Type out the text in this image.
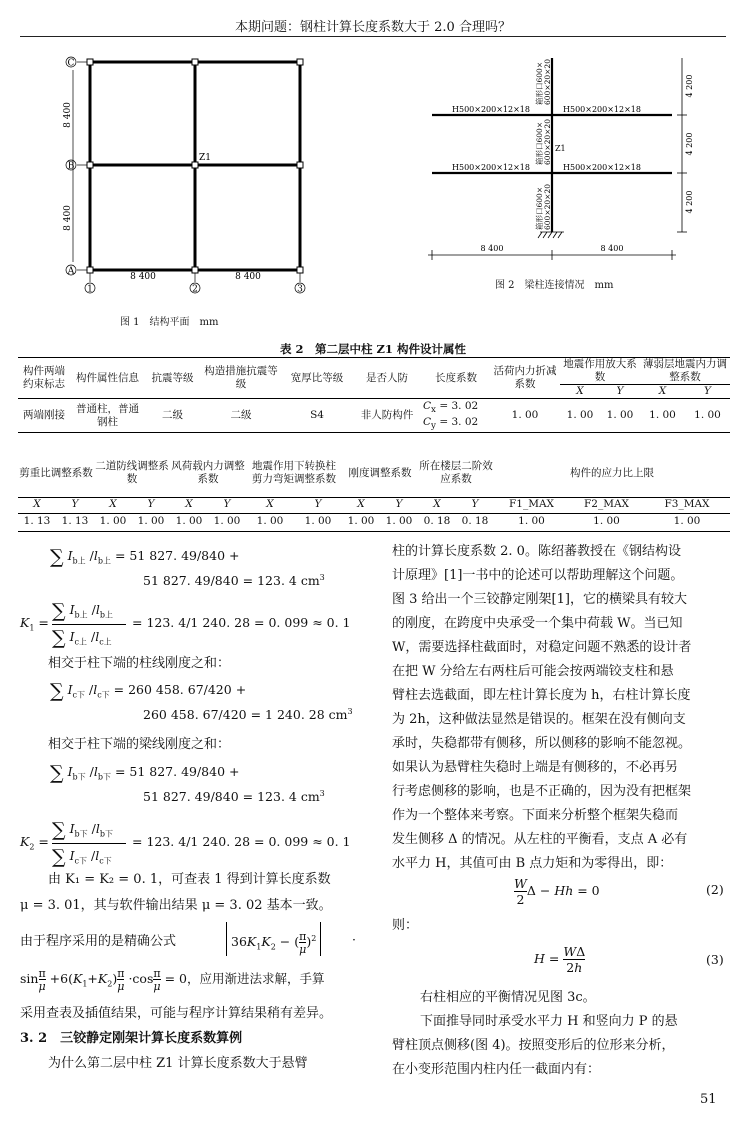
本期问题：钢柱计算长度系数大于 2.0 合理吗？
C
B
A
1	2	3
8 400
8 400
8 400	8 400
Z1
图 1　结构平面　mm
H500×200×12×18	H500×200×12×18
H500×200×12×18	H500×200×12×18
箱形口600× 600×20×20
箱形口600× 600×20×20
箱形口600× 600×20×20
Z1
4 200
4 200
4 200
8 400	8 400
图 2　梁柱连接情况　mm
表 2　第二层中柱 Z1 构件设计属性
构件两端约束标志	构件属性信息	抗震等级	构造措施抗震等级	宽厚比等级	是否人防	长度系数	活荷内力折减系数	地震作用放大系数		薄弱层地震内力调整系数	
								X	Y	X	Y
两端刚接	普通柱，普通钢柱	二级	二级	S4	非人防构件	$C_x = 3$. 02
$C_y = 3$. 02	1. 00	1. 00	1. 00	1. 00	1. 00
剪重比调整系数		二道防线调整系数		风荷载内力调整系数		地震作用下转换柱剪力弯矩调整系数		刚度调整系数		所在楼层二阶效应系数		构件的应力比上限		
X	Y	X	Y	X	Y	X	Y	X	Y	X	Y	F1_MAX	F2_MAX	F3_MAX
1. 13	1. 13	1. 00	1. 00	1. 00	1. 00	1. 00	1. 00	1. 00	1. 00	0. 18	0. 18	1. 00	1. 00	1. 00
∑ $I_{b上}$ $/l_{b上} = 51$ 827. 49/840 +
51 827. 49/840 = 123. 4 $cm^3$
$K_1$ =
∑ $I_{b上}$ $/l_{b上}$
∑ $I_{c上}$ $/l_{c上}$
= 123. 4/1 240. 28 = 0. 099 ≈ 0. 1
相交于柱下端的柱线刚度之和：
∑ $I_{c下}$ $/l_{c下} = 260$ 458. 67/420 +
260 458. 67/420 = 1 240. 28 $cm^3$
相交于柱下端的梁线刚度之和：
∑ $I_{b下}$ $/l_{b下} = 51$ 827. 49/840 +
51 827. 49/840 = 123. 4 $cm^3$
$K_2$ =
∑ $I_{b下}$ $/l_{b下}$
∑ $I_{c下}$ $/l_{c下}$
= 123. 4/1 240. 28 = 0. 099 ≈ 0. 1
由 K₁ = K₂ = 0. 1，可查表 1 得到计算长度系数
μ = 3. 01，其与软件输出结果 μ = 3. 02 基本一致。
由于程序采用的是精确公式	$36K_1K_2 - (\frac{\pi}{\mu})^2$	·
$\sin\frac{\pi}{\mu} +6(K_1+K_2)\frac{\pi}{\mu} \cdot\cos\frac{\pi}{\mu} = 0$，应用渐进法求解，手算
采用查表及插值结果，可能与程序计算结果稍有差异。
3. 2　三铰静定刚架计算长度系数算例
为什么第二层中柱 Z1 计算长度系数大于悬臂
柱的计算长度系数 2. 0。陈绍蕃教授在《钢结构设
计原理》[1]一书中的论述可以帮助理解这个问题。
图 3 给出一个三铰静定刚架[1]，它的横梁具有较大
的刚度，在跨度中央承受一个集中荷载 W。当已知
W，需要选择柱截面时，对稳定问题不熟悉的设计者
在把 W 分给左右两柱后可能会按两端铰支柱和悬
臂柱去选截面，即左柱计算长度为 h，右柱计算长度
为 2h，这种做法显然是错误的。框架在没有侧向支
承时，失稳都带有侧移，所以侧移的影响不能忽视。
如果认为悬臂柱失稳时上端是有侧移的，不必再另
行考虑侧移的影响，也是不正确的，因为没有把框架
作为一个整体来考察。下面来分析整个框架失稳而
发生侧移 Δ 的情况。从左柱的平衡看，支点 A 必有
水平力 H，其值可由 B 点力矩和为零得出，即：
$\frac{W}{2}$ Δ − Hh = 0	(2)
则：
H = WΔ

2h
(3)
右柱相应的平衡情况见图 3c。
下面推导同时承受水平力 H 和竖向力 P 的悬
臂柱顶点侧移(图 4)。按照变形后的位形来分析，
在小变形范围内柱内任一截面内有：
51
